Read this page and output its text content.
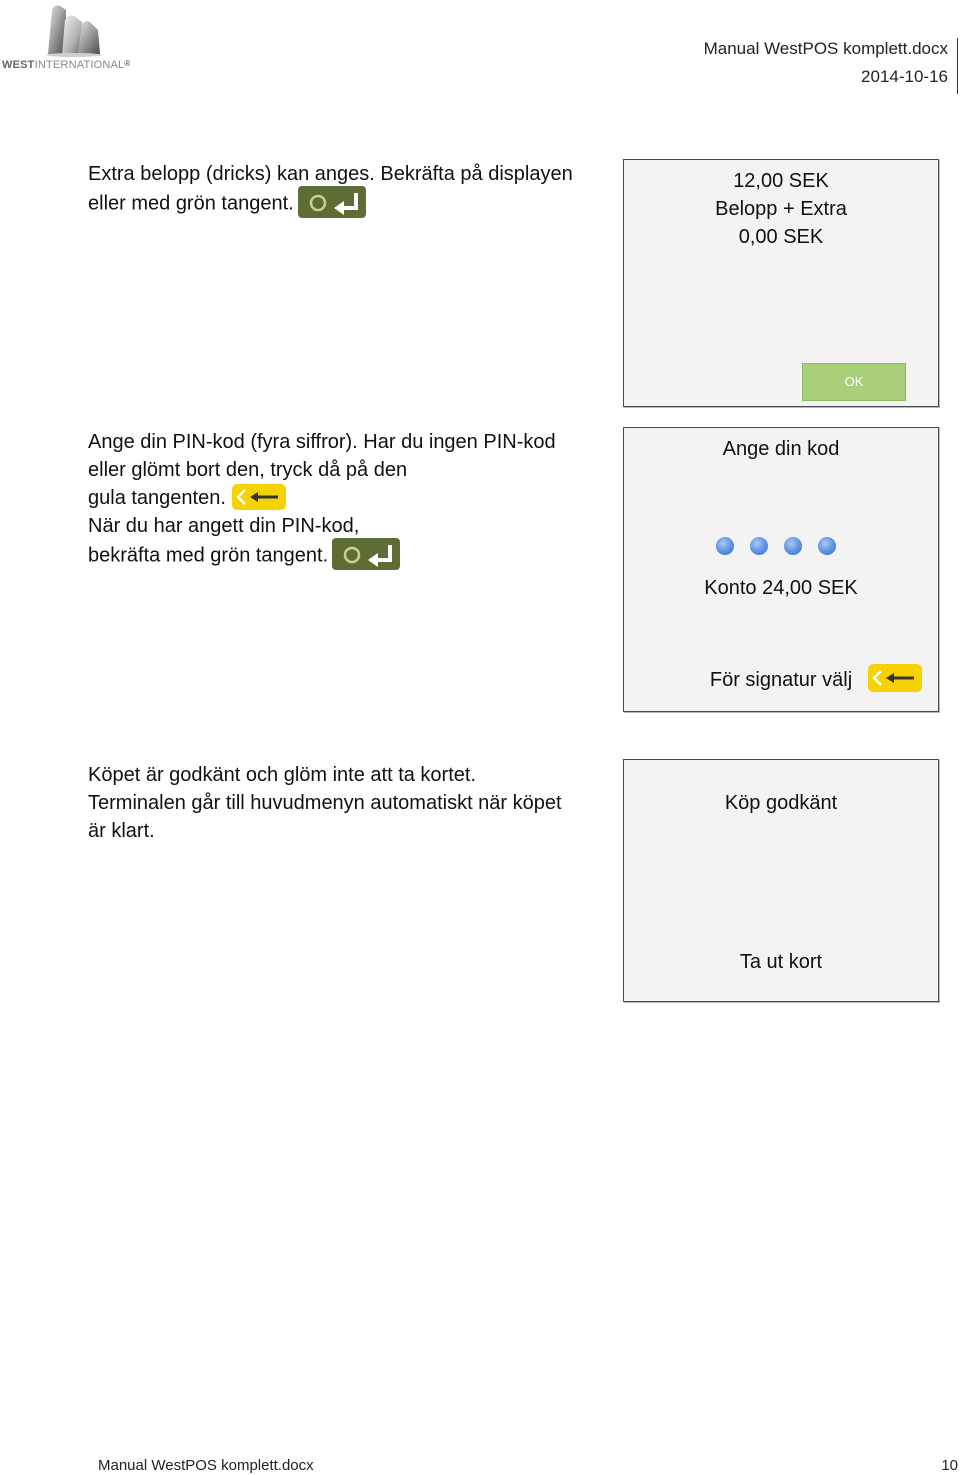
WESTINTERNATIONAL®
Manual WestPOS komplett.docx
2014-10-16
Extra belopp (dricks) kan anges. Bekräfta på displayen
eller med grön tangent.
12,00 SEK
Belopp + Extra
0,00 SEK
OK
Ange din PIN-kod (fyra siffror). Har du ingen PIN-kod
eller glömt bort den, tryck då på den
gula tangenten.
När du har angett din PIN-kod,
bekräfta med grön tangent.
Ange din kod
Konto 24,00 SEK
För signatur välj
Köpet är godkänt och glöm inte att ta kortet.
Terminalen går till huvudmenyn automatiskt när köpet
är klart.
Köp godkänt
Ta ut kort
Manual WestPOS komplett.docx	10
